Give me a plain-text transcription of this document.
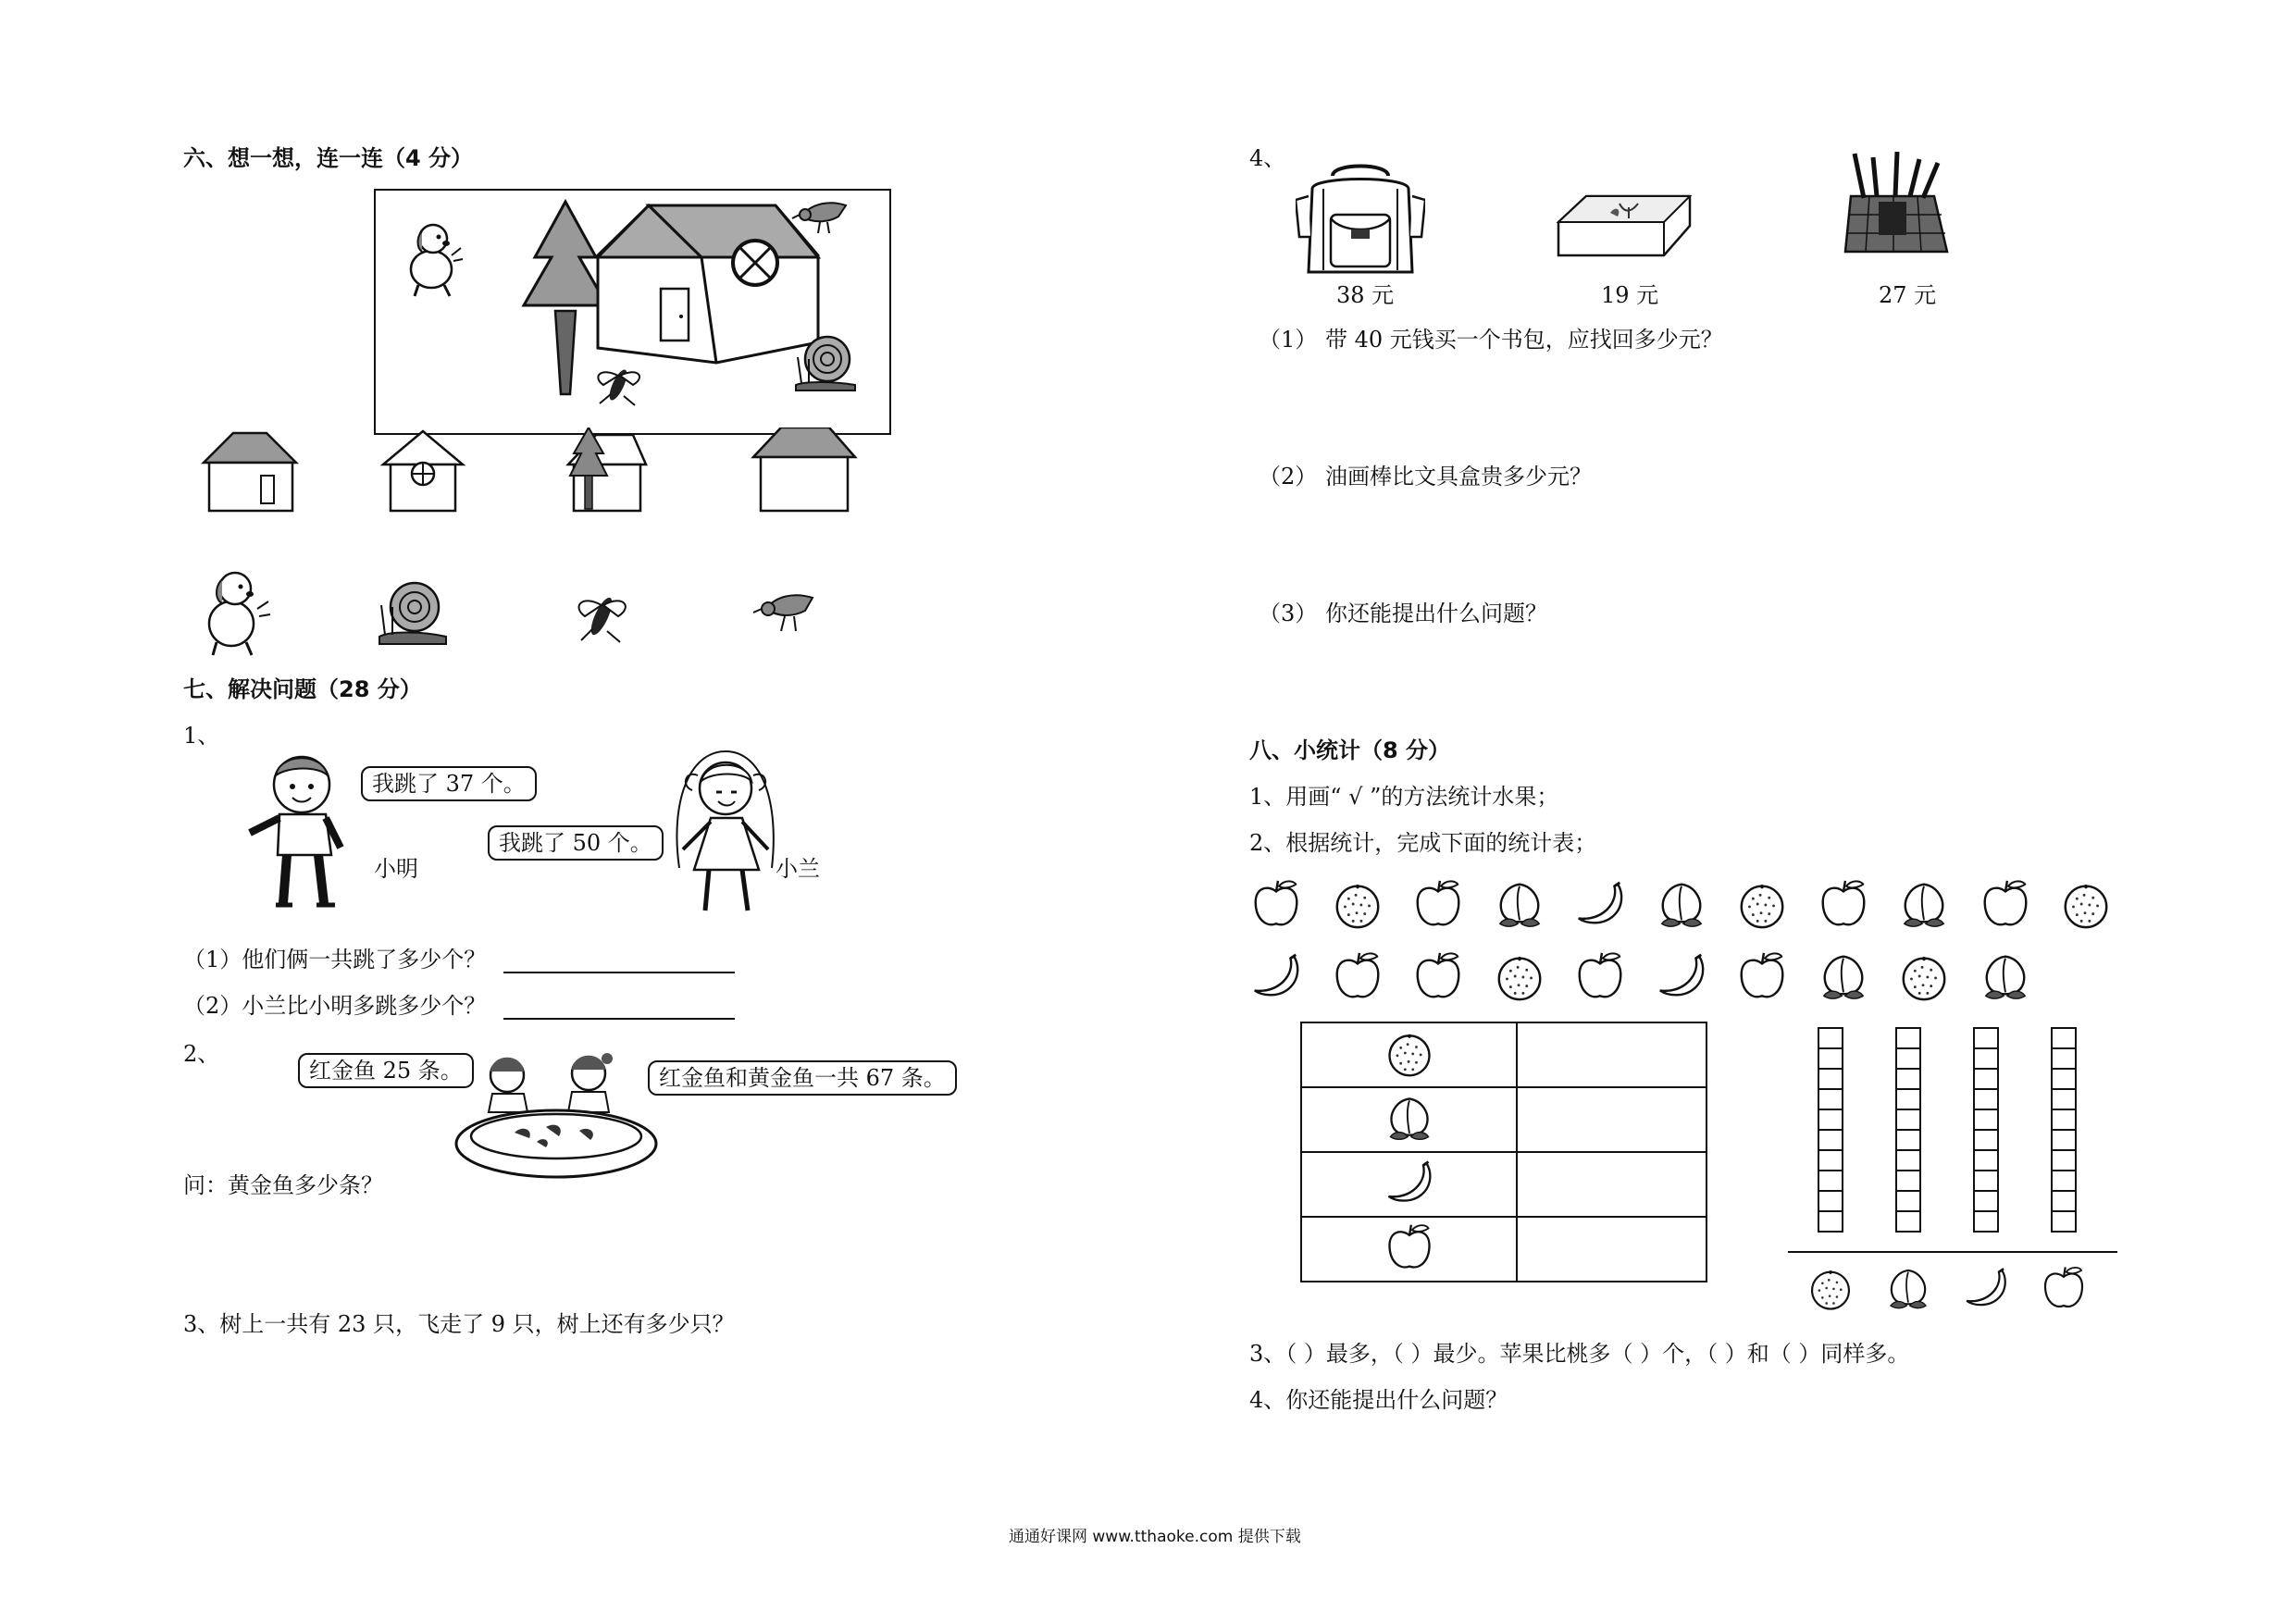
六、想一想，连一连（4 分）
七、解决问题（28 分）
1、
我跳了 37 个。
小明
我跳了 50 个。
小兰
（1）他们俩一共跳了多少个？
（2）小兰比小明多跳多少个？
2、
红金鱼 25 条。	红金鱼和黄金鱼一共 67 条。
问：黄金鱼多少条？
3、树上一共有 23 只，飞走了 9 只，树上还有多少只？
4、
38 元	19 元	27 元
（1） 带 40 元钱买一个书包，应找回多少元？
（2） 油画棒比文具盒贵多少元？
（3） 你还能提出什么问题？
八、小统计（8 分）
1、用画“ √ ”的方法统计水果；
2、根据统计，完成下面的统计表；

3、（ ）最多，（ ）最少。苹果比桃多（ ）个，（ ）和（ ）同样多。
4、你还能提出什么问题？
通通好课网 www.tthaoke.com 提供下载
